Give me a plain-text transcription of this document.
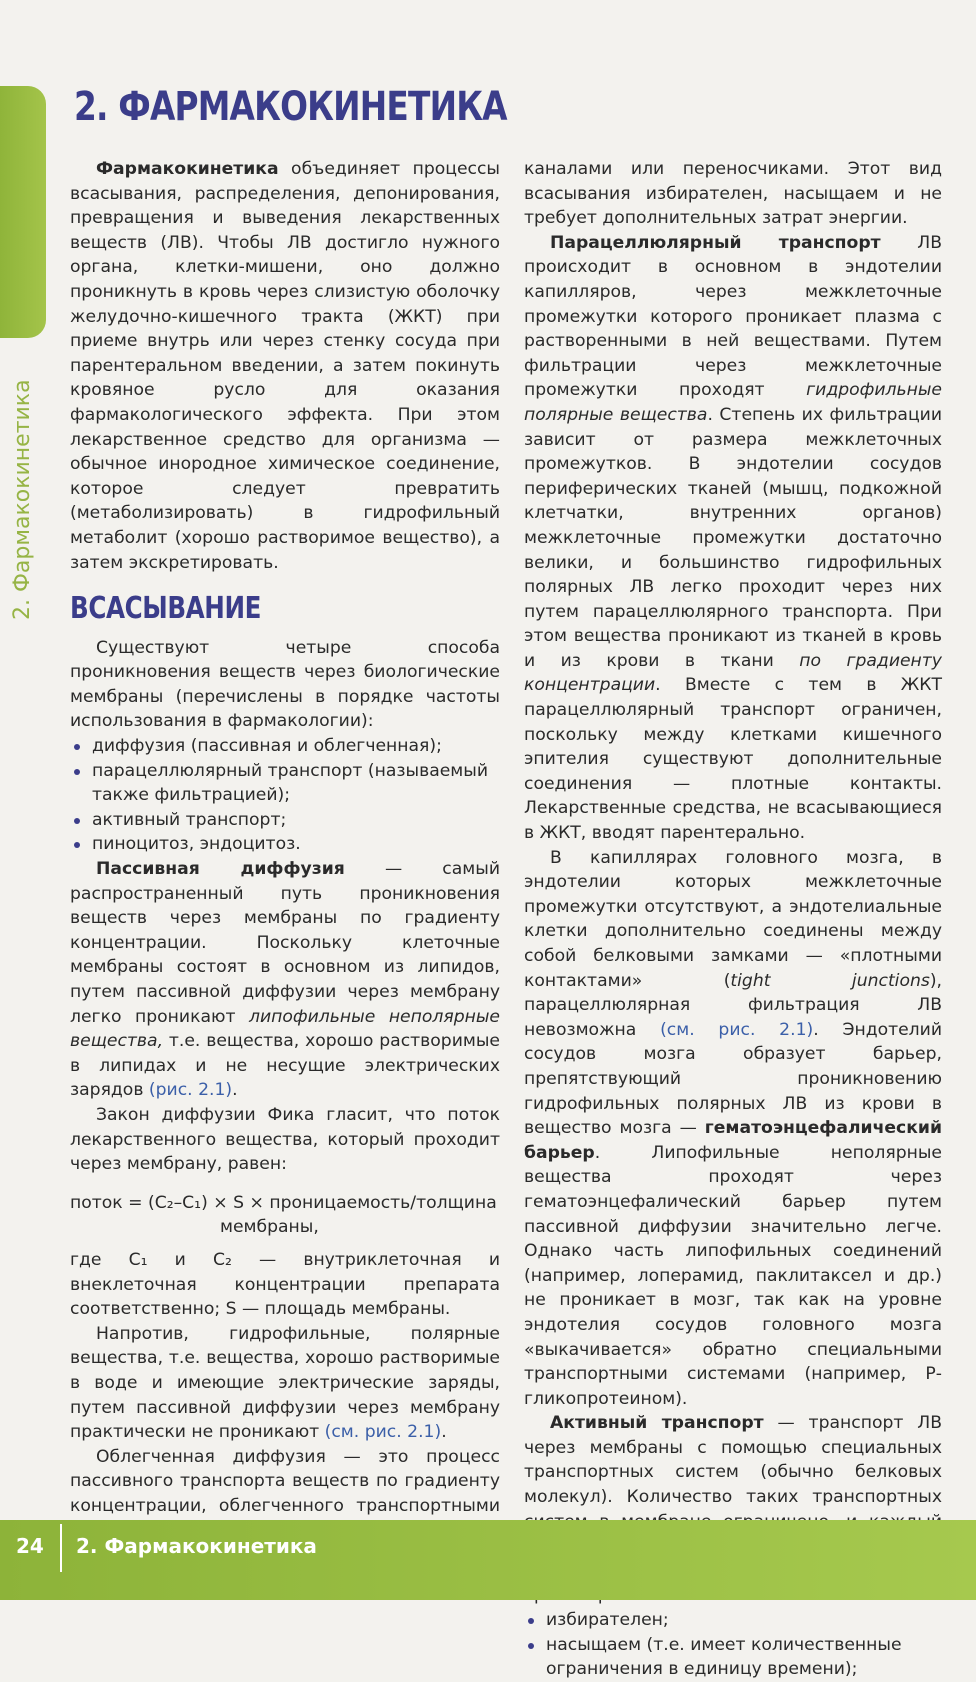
2. Фармакокинетика
2. ФАРМАКОКИНЕТИКА

Фармакокинетика объединяет процессы всасывания, распределения, депонирования, превращения и выведения лекарственных веществ (ЛВ). Чтобы ЛВ достигло нужного органа, клетки-мишени, оно должно проникнуть в кровь через слизистую оболочку желудочно-кишечного тракта (ЖКТ) при приеме внутрь или через стенку сосуда при парентеральном введении, а затем покинуть кровяное русло для оказания фармакологического эффекта. При этом лекарственное средство для организма — обычное инородное химическое соединение, которое следует превратить (метаболизировать) в гидрофильный метаболит (хорошо растворимое вещество), а затем экскретировать.

ВСАСЫВАНИЕ

Существуют четыре способа проникновения веществ через биологические мембраны (перечислены в порядке частоты использования в фармакологии):

диффузия (пассивная и облегченная);
парацеллюлярный транспорт (называемый также фильтрацией);
активный транспорт;
пиноцитоз, эндоцитоз.

Пассивная диффузия — самый распространенный путь проникновения веществ через мембраны по градиенту концентрации. Поскольку клеточные мембраны состоят в основном из липидов, путем пассивной диффузии через мембрану легко проникают липофильные неполярные вещества, т.е. вещества, хорошо растворимые в липидах и не несущие электрических зарядов (рис. 2.1).

Закон диффузии Фика гласит, что поток лекарственного вещества, который проходит через мембрану, равен:

поток = (C₂–C₁) × S × проницаемость/толщина
мембраны,

где C₁ и C₂ — внутриклеточная и внеклеточная концентрации препарата соответственно; S — площадь мембраны.

Напротив, гидрофильные, полярные вещества, т.е. вещества, хорошо растворимые в воде и имеющие электрические заряды, путем пассивной диффузии через мембрану практически не проникают (см. рис. 2.1).

Облегченная диффузия — это процесс пассивного транспорта веществ по градиенту концентрации, облегченного транспортными

каналами или переносчиками. Этот вид всасывания избирателен, насыщаем и не требует дополнительных затрат энергии.

Парацеллюлярный транспорт ЛВ происходит в основном в эндотелии капилляров, через межклеточные промежутки которого проникает плазма с растворенными в ней веществами. Путем фильтрации через межклеточные промежутки проходят гидрофильные полярные вещества. Степень их фильтрации зависит от размера межклеточных промежутков. В эндотелии сосудов периферических тканей (мышц, подкожной клетчатки, внутренних органов) межклеточные промежутки достаточно велики, и большинство гидрофильных полярных ЛВ легко проходит через них путем парацеллюлярного транспорта. При этом вещества проникают из тканей в кровь и из крови в ткани по градиенту концентрации. Вместе с тем в ЖКТ парацеллюлярный транспорт ограничен, поскольку между клетками кишечного эпителия существуют дополнительные соединения — плотные контакты. Лекарственные средства, не всасывающиеся в ЖКТ, вводят парентерально.

В капиллярах головного мозга, в эндотелии которых межклеточные промежутки отсутствуют, а эндотелиальные клетки дополнительно соединены между собой белковыми замками — «плотными контактами» (tight junctions), парацеллюлярная фильтрация ЛВ невозможна (см. рис. 2.1). Эндотелий сосудов мозга образует барьер, препятствующий проникновению гидрофильных полярных ЛВ из крови в вещество мозга — гематоэнцефалический барьер. Липофильные неполярные вещества проходят через гематоэнцефалический барьер путем пассивной диффузии значительно легче. Однако часть липофильных соединений (например, лоперамид, паклитаксел и др.) не проникает в мозг, так как на уровне эндотелия сосудов головного мозга «выкачивается» обратно специальными транспортными системами (например, Р-гликопротеином).

Активный транспорт — транспорт ЛВ через мембраны с помощью специальных транспортных систем (обычно белковых молекул). Количество таких транспортных

избирателен;
насыщаем (т.е. имеет количественные ограничения в единицу времени);
24 2. Фармакокинетика
